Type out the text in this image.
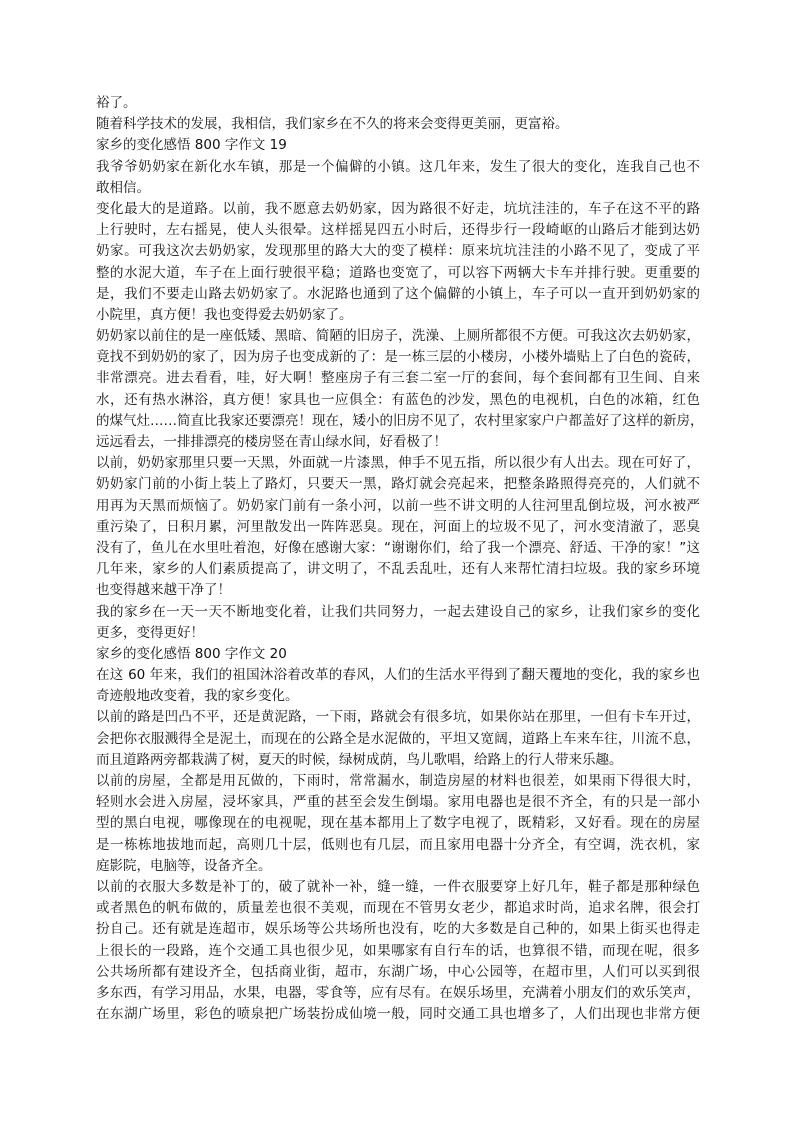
裕了。
随着科学技术的发展，我相信，我们家乡在不久的将来会变得更美丽，更富裕。
家乡的变化感悟 800 字作文 19
我爷爷奶奶家在新化水车镇，那是一个偏僻的小镇。这几年来，发生了很大的变化，连我自己也不
敢相信。
变化最大的是道路。以前，我不愿意去奶奶家，因为路很不好走，坑坑洼洼的，车子在这不平的路
上行驶时，左右摇晃，使人头很晕。这样摇晃四五小时后，还得步行一段崎岖的山路后才能到达奶
奶家。可我这次去奶奶家，发现那里的路大大的变了模样：原来坑坑洼洼的小路不见了，变成了平
整的水泥大道，车子在上面行驶很平稳；道路也变宽了，可以容下两辆大卡车并排行驶。更重要的
是，我们不要走山路去奶奶家了。水泥路也通到了这个偏僻的小镇上，车子可以一直开到奶奶家的
小院里，真方便！我也变得爱去奶奶家了。
奶奶家以前住的是一座低矮、黑暗、简陋的旧房子，洗澡、上厕所都很不方便。可我这次去奶奶家，
竟找不到奶奶的家了，因为房子也变成新的了：是一栋三层的小楼房，小楼外墙贴上了白色的瓷砖，
非常漂亮。进去看看，哇，好大啊！整座房子有三套二室一厅的套间，每个套间都有卫生间、自来
水，还有热水淋浴，真方便！家具也一应俱全：有蓝色的沙发，黑色的电视机，白色的冰箱，红色
的煤气灶……简直比我家还要漂亮！现在，矮小的旧房不见了，农村里家家户户都盖好了这样的新房，
远远看去，一排排漂亮的楼房竖在青山绿水间，好看极了！
以前，奶奶家那里只要一天黑，外面就一片漆黑，伸手不见五指，所以很少有人出去。现在可好了，
奶奶家门前的小街上装上了路灯，只要天一黑，路灯就会亮起来，把整条路照得亮亮的，人们就不
用再为天黑而烦恼了。奶奶家门前有一条小河，以前一些不讲文明的人往河里乱倒垃圾，河水被严
重污染了，日积月累，河里散发出一阵阵恶臭。现在，河面上的垃圾不见了，河水变清澈了，恶臭
没有了，鱼儿在水里吐着泡，好像在感谢大家：“谢谢你们，给了我一个漂亮、舒适、干净的家！”这
几年来，家乡的人们素质提高了，讲文明了，不乱丢乱吐，还有人来帮忙清扫垃圾。我的家乡环境
也变得越来越干净了！
我的家乡在一天一天不断地变化着，让我们共同努力，一起去建设自己的家乡，让我们家乡的变化
更多，变得更好！
家乡的变化感悟 800 字作文 20
在这 60 年来，我们的祖国沐浴着改革的春风，人们的生活水平得到了翻天覆地的变化，我的家乡也
奇迹般地改变着，我的家乡变化。
以前的路是凹凸不平，还是黄泥路，一下雨，路就会有很多坑，如果你站在那里，一但有卡车开过，
会把你衣服溅得全是泥土，而现在的公路全是水泥做的，平坦又宽阔，道路上车来车往，川流不息，
而且道路两旁都栽满了树，夏天的时候，绿树成荫，鸟儿歌唱，给路上的行人带来乐趣。
以前的房屋，全都是用瓦做的，下雨时，常常漏水，制造房屋的材料也很差，如果雨下得很大时，
轻则水会进入房屋，浸坏家具，严重的甚至会发生倒塌。家用电器也是很不齐全，有的只是一部小
型的黑白电视，哪像现在的电视呢，现在基本都用上了数字电视了，既精彩，又好看。现在的房屋
是一栋栋地拔地而起，高则几十层，低则也有几层，而且家用电器十分齐全，有空调，洗衣机，家
庭影院，电脑等，设备齐全。
以前的衣服大多数是补丁的，破了就补一补，缝一缝，一件衣服要穿上好几年，鞋子都是那种绿色
或者黑色的帆布做的，质量差也很不美观，而现在不管男女老少，都追求时尚，追求名牌，很会打
扮自己。还有就是连超市，娱乐场等公共场所也没有，吃的大多数是自己种的，如果上街买也得走
上很长的一段路，连个交通工具也很少见，如果哪家有自行车的话，也算很不错，而现在呢，很多
公共场所都有建设齐全，包括商业街，超市，东湖广场，中心公园等，在超市里，人们可以买到很
多东西，有学习用品，水果，电器，零食等，应有尽有。在娱乐场里，充满着小朋友们的欢乐笑声，
在东湖广场里，彩色的喷泉把广场装扮成仙境一般，同时交通工具也增多了，人们出现也非常方便
